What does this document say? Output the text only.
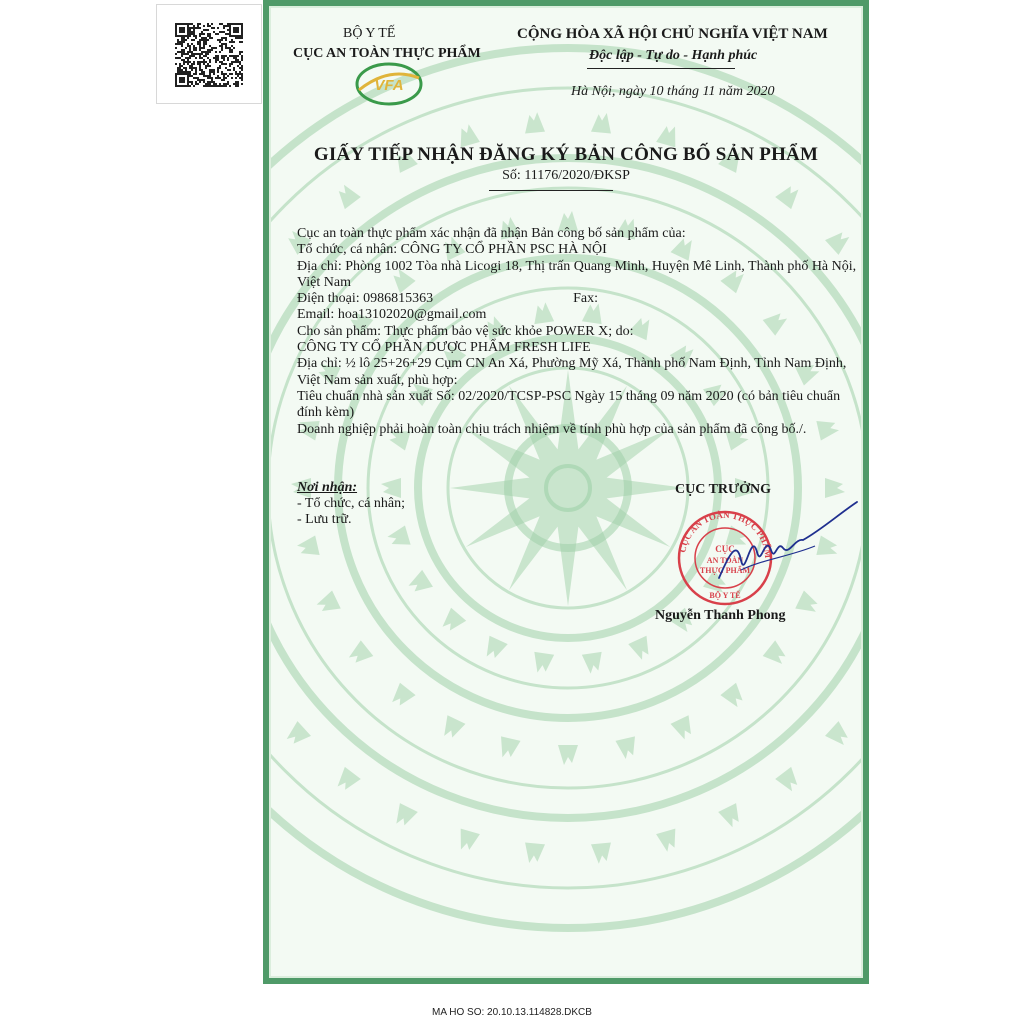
VFA
BỘ Y TẾ
CỤC AN TOÀN THỰC PHẨM
CỘNG HÒA XÃ HỘI CHỦ NGHĨA VIỆT NAM
Độc lập - Tự do - Hạnh phúc
Hà Nội, ngày 10 tháng 11 năm 2020
GIẤY TIẾP NHẬN ĐĂNG KÝ BẢN CÔNG BỐ SẢN PHẨM
Số: 11176/2020/ĐKSP

Cục an toàn thực phẩm xác nhận đã nhận Bản công bố sản phẩm của:

Tổ chức, cá nhân: CÔNG TY CỔ PHẦN PSC HÀ NỘI

Địa chỉ: Phòng 1002 Tòa nhà Licogi 18, Thị trấn Quang Minh, Huyện Mê Linh, Thành phố Hà Nội, Việt Nam

Điện thoại: 0986815363	Fax:

Email: hoa13102020@gmail.com

Cho sản phẩm: Thực phẩm bảo vệ sức khỏe POWER X; do:

CÔNG TY CỔ PHẦN DƯỢC PHẨM FRESH LIFE

Địa chỉ: ½ lô 25+26+29 Cụm CN An Xá, Phường Mỹ Xá, Thành phố Nam Định, Tỉnh Nam Định, Việt Nam sản xuất, phù hợp:

Tiêu chuẩn nhà sản xuất Số: 02/2020/TCSP-PSC Ngày 15 tháng 09 năm 2020 (có bản tiêu chuẩn đính kèm)

Doanh nghiệp phải hoàn toàn chịu trách nhiệm về tính phù hợp của sản phẩm đã công bố./.

Nơi nhận:
- Tổ chức, cá nhân;
- Lưu trữ.
CỤC TRƯỞNG
CỤC AN TOÀN THỰC PHẨM
CỤC
AN TOÀN
THỰC PHẨM
BỘ Y TẾ
Nguyễn Thanh Phong
MA HO SO: 20.10.13.114828.DKCB
